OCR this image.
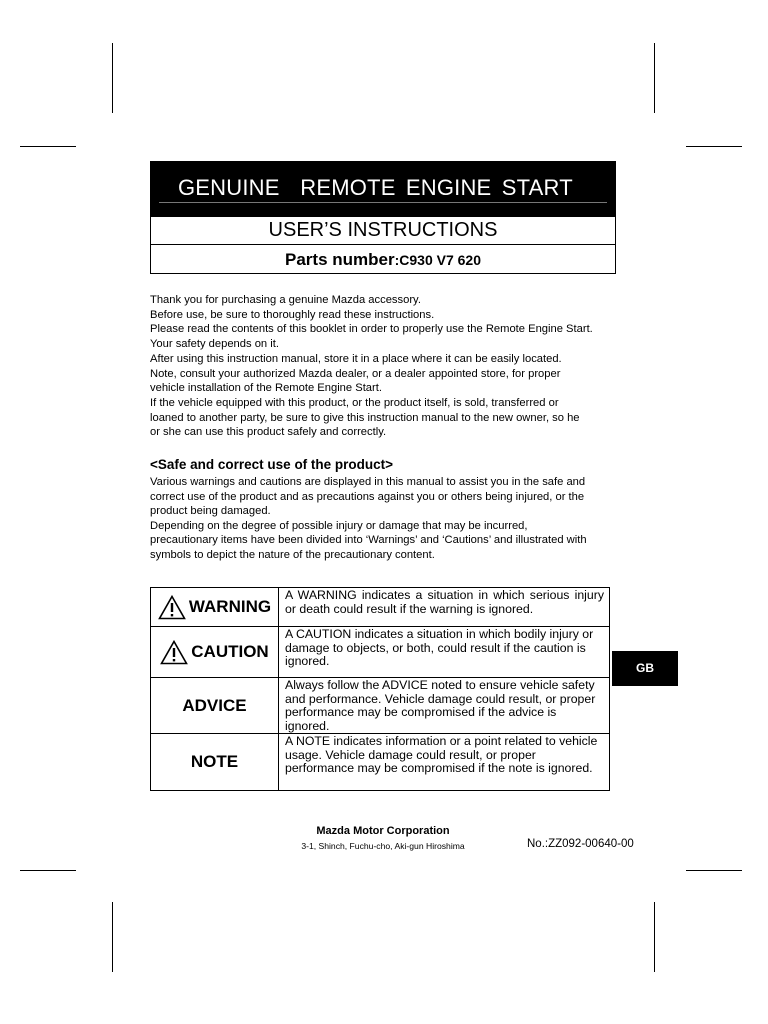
GENUINE  REMOTE ENGINE START
USER’S INSTRUCTIONS
Parts number:C930 V7 620

Thank you for purchasing a genuine Mazda accessory.

Before use, be sure to thoroughly read these instructions.

Please read the contents of this booklet in order to properly use the Remote Engine Start.

Your safety depends on it.

After using this instruction manual, store it in a place where it can be easily located.

Note, consult your authorized Mazda dealer, or a dealer appointed store, for proper

vehicle installation of the Remote Engine Start.

If the vehicle equipped with this product, or the product itself, is sold, transferred or

loaned to another party, be sure to give this instruction manual to the new owner, so he

or she can use this product safely and correctly.

<Safe and correct use of the product>

Various warnings and cautions are displayed in this manual to assist you in the safe and

correct use of the product and as precautions against you or others being injured, or the

product being damaged.

Depending on the degree of possible injury or damage that may be incurred,

precautionary items have been divided into ‘Warnings’ and ‘Cautions’ and illustrated with

symbols to depict the nature of the precautionary content.

WARNING	A WARNING indicates a situation in which serious injury or death could result if the warning is ignored.

CAUTION	A CAUTION indicates a situation in which bodily injury or damage to objects, or both, could result if the caution is ignored.

ADVICE	Always follow the ADVICE noted to ensure vehicle safety and performance. Vehicle damage could result, or proper performance may be compromised if the advice is ignored.

NOTE	A NOTE indicates information or a point related to vehicle usage. Vehicle damage could result, or proper performance may be compromised if the note is ignored.
GB
Mazda Motor Corporation
3-1, Shinch, Fuchu-cho, Aki-gun Hiroshima	No.:ZZ092-00640-00
